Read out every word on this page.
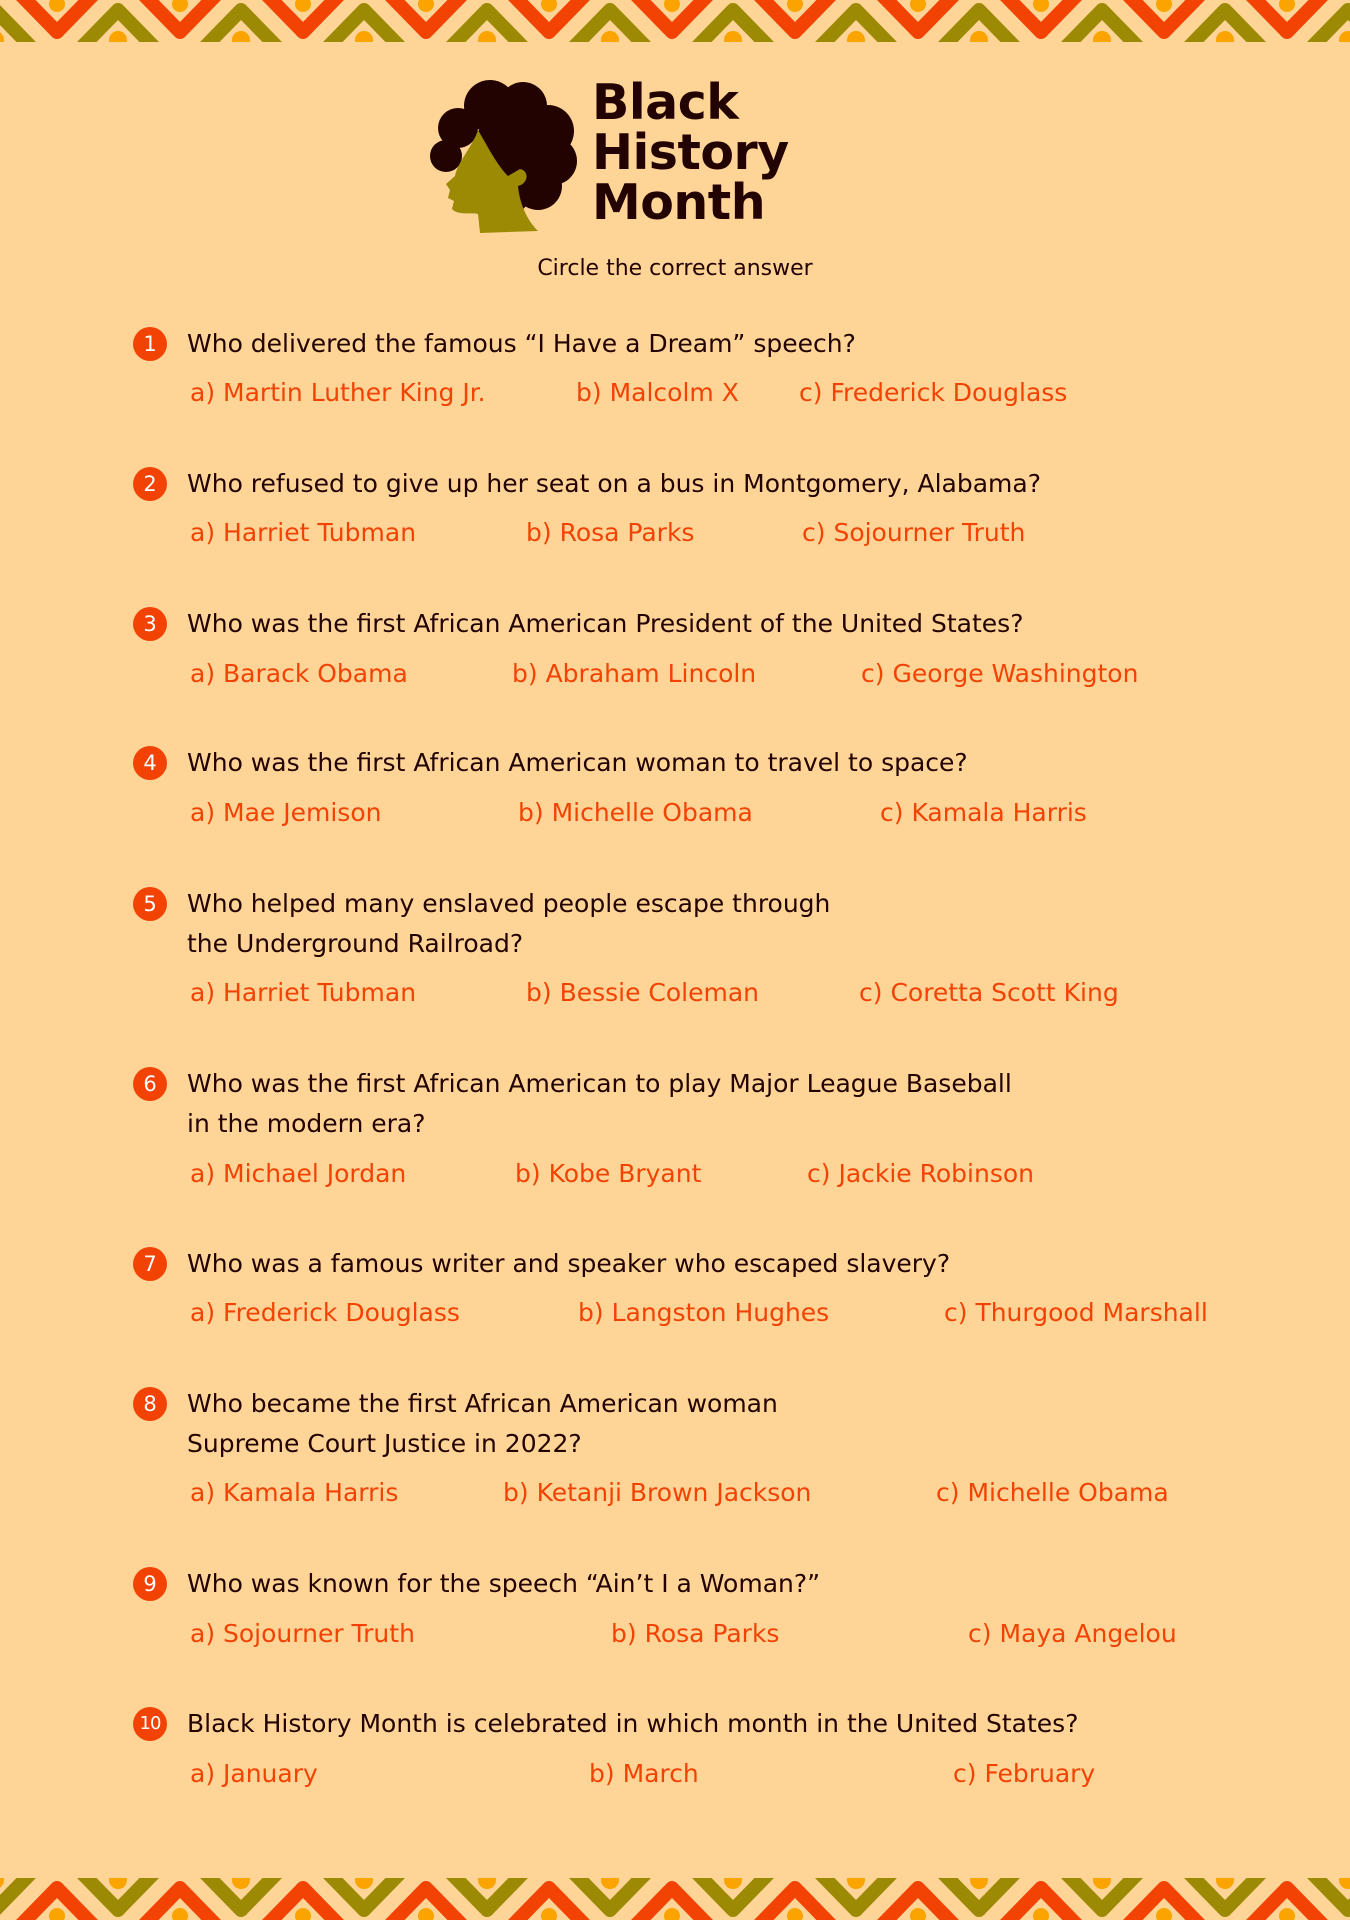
Black
History
Month
Circle the correct answer
1	Who delivered the famous “I Have a Dream” speech?
a) Martin Luther King Jr.	b) Malcolm X c) Frederick Douglass
2	Who refused to give up her seat on a bus in Montgomery, Alabama?
a) Harriet Tubman	b) Rosa Parks	c) Sojourner Truth
3	Who was the first African American President of the United States?
a) Barack Obama	b) Abraham Lincoln	c) George Washington
4	Who was the first African American woman to travel to space?
a) Mae Jemison	b) Michelle Obama	c) Kamala Harris
5	Who helped many enslaved people escape through
the Underground Railroad?
a) Harriet Tubman	b) Bessie Coleman	c) Coretta Scott King
6	Who was the first African American to play Major League Baseball
in the modern era?
a) Michael Jordan	b) Kobe Bryant	c) Jackie Robinson
7	Who was a famous writer and speaker who escaped slavery?
a) Frederick Douglass	b) Langston Hughes	c) Thurgood Marshall
8	Who became the first African American woman
Supreme Court Justice in 2022?
a) Kamala Harris	b) Ketanji Brown Jackson	c) Michelle Obama
9	Who was known for the speech “Ain’t I a Woman?”
a) Sojourner Truth	b) Rosa Parks	c) Maya Angelou
10 Black History Month is celebrated in which month in the United States?
a) January	b) March	c) February
